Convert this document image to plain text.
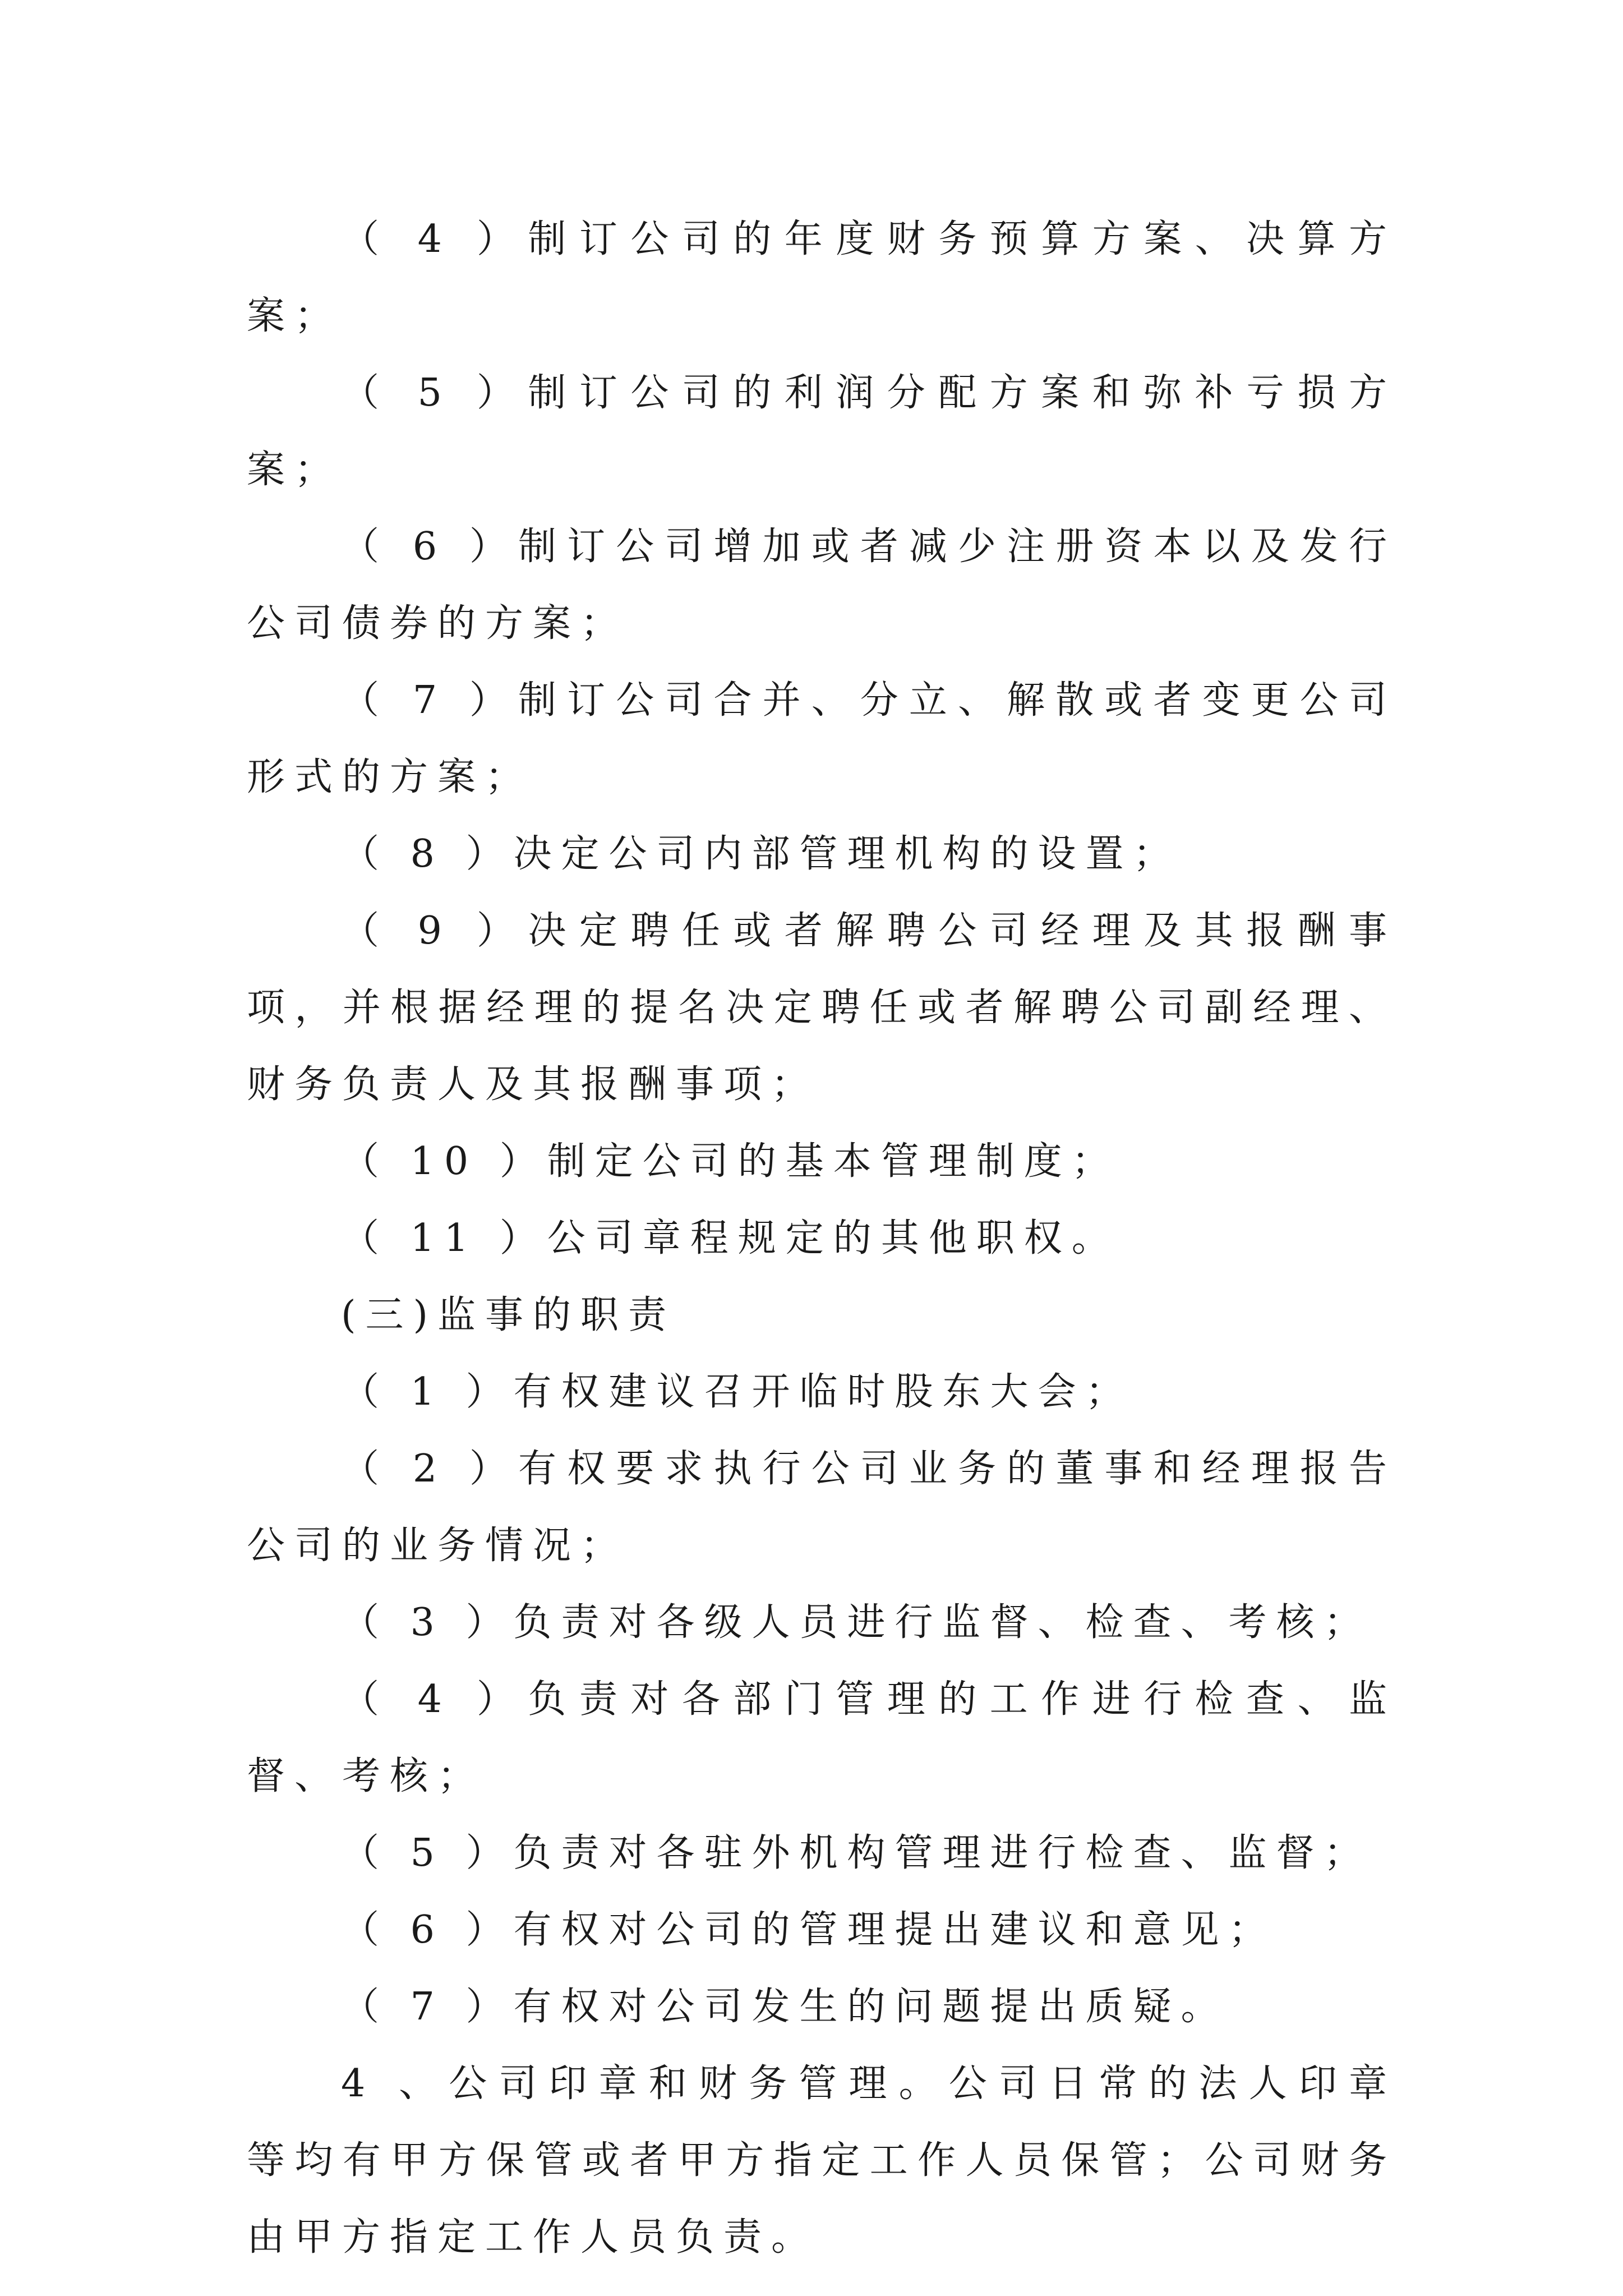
（ 4 ）制订公司的年度财务预算方案、决算方案；

（ 5 ）制订公司的利润分配方案和弥补亏损方案；

（ 6 ）制订公司增加或者减少注册资本以及发行公司债券的方案；

（ 7 ）制订公司合并、分立、解散或者变更公司形式的方案；

（ 8 ）决定公司内部管理机构的设置；

（ 9 ）决定聘任或者解聘公司经理及其报酬事项，并根据经理的提名决定聘任或者解聘公司副经理、财务负责人及其报酬事项；

（ 10 ）制定公司的基本管理制度；

（ 11 ）公司章程规定的其他职权。

(三)监事的职责

（ 1 ）有权建议召开临时股东大会；

（ 2 ）有权要求执行公司业务的董事和经理报告公司的业务情况；

（ 3 ）负责对各级人员进行监督、检查、考核；

（ 4 ）负责对各部门管理的工作进行检查、监督、考核；

（ 5 ）负责对各驻外机构管理进行检查、监督；

（ 6 ）有权对公司的管理提出建议和意见；

（ 7 ）有权对公司发生的问题提出质疑。

4 、公司印章和财务管理。公司日常的法人印章等均有甲方保管或者甲方指定工作人员保管；公司财务由甲方指定工作人员负责。
